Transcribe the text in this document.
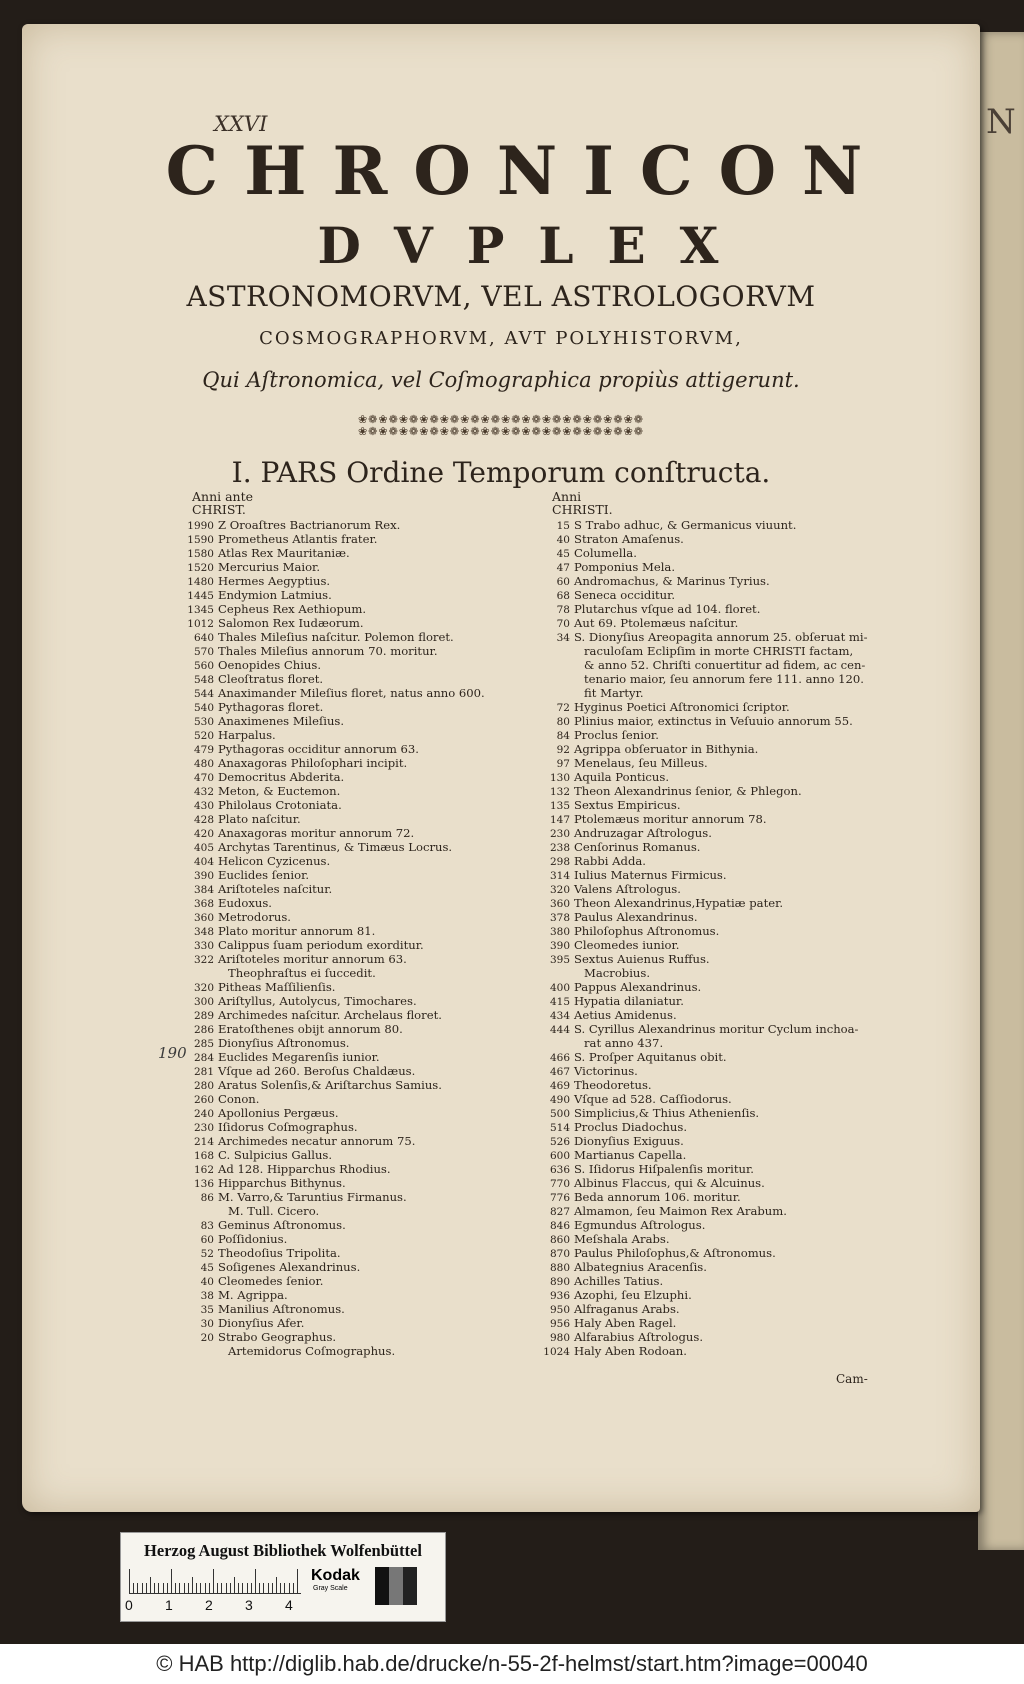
N
XXVI
CHRONICON
DVPLEX
ASTRONOMORVM, VEL ASTROLOGORVM
COSMOGRAPHORVM, AVT POLYHISTORVM,
Qui Aſtronomica, vel Coſmographica propiùs attigerunt.
❀❁❀❁❀❁❀❁❀❁❀❁❀❁❀❁❀❁❀❁❀❁❀❁❀❁❀❁
❀❁❀❁❀❁❀❁❀❁❀❁❀❁❀❁❀❁❀❁❀❁❀❁❀❁❀❁
I. PARS Ordine Temporum conſtructa.
Anni ante
CHRIST.
1990 Z Oroaſtres Bactrianorum Rex.
1590 Prometheus Atlantis frater.
1580 Atlas Rex Mauritaniæ.
1520 Mercurius Maior.
1480 Hermes Aegyptius.
1445 Endymion Latmius.
1345 Cepheus Rex Aethiopum.
1012 Salomon Rex Iudæorum.
640 Thales Mileſius naſcitur. Polemon floret.
570 Thales Mileſius annorum 70. moritur.
560 Oenopides Chius.
548 Cleoſtratus floret.
544 Anaximander Mileſius floret, natus anno 600.
540 Pythagoras floret.
530 Anaximenes Mileſius.
520 Harpalus.
479 Pythagoras occiditur annorum 63.
480 Anaxagoras Philoſophari incipit.
470 Democritus Abderita.
432 Meton, & Euctemon.
430 Philolaus Crotoniata.
428 Plato naſcitur.
420 Anaxagoras moritur annorum 72.
405 Archytas Tarentinus, & Timæus Locrus.
404 Helicon Cyzicenus.
390 Euclides ſenior.
384 Ariſtoteles naſcitur.
368 Eudoxus.
360 Metrodorus.
348 Plato moritur annorum 81.
330 Calippus ſuam periodum exorditur.
322 Ariſtoteles moritur annorum 63.
Theophraſtus ei ſuccedit.
320 Pitheas Maſſilienſis.
300 Ariſtyllus, Autolycus, Timochares.
289 Archimedes naſcitur. Archelaus floret.
286 Eratoſthenes obijt annorum 80.
285 Dionyſius Aſtronomus.
284 Euclides Megarenſis iunior.
281 Vſque ad 260. Beroſus Chaldæus.
280 Aratus Solenſis,& Ariſtarchus Samius.
260 Conon.
240 Apollonius Pergæus.
230 Iſidorus Coſmographus.
214 Archimedes necatur annorum 75.
168 C. Sulpicius Gallus.
162 Ad 128. Hipparchus Rhodius.
136 Hipparchus Bithynus.
86 M. Varro,& Taruntius Firmanus.
M. Tull. Cicero.
83 Geminus Aſtronomus.
60 Poſſidonius.
52 Theodoſius Tripolita.
45 Soſigenes Alexandrinus.
40 Cleomedes ſenior.
38 M. Agrippa.
35 Manilius Aſtronomus.
30 Dionyſius Afer.
20 Strabo Geographus.
Artemidorus Coſmographus.
Anni
CHRISTI.
15 S Trabo adhuc, & Germanicus viuunt.
40 Straton Amaſenus.
45 Columella.
47 Pomponius Mela.
60 Andromachus, & Marinus Tyrius.
68 Seneca occiditur.
78 Plutarchus vſque ad 104. floret.
70 Aut 69. Ptolemæus naſcitur.
34 S. Dionyſius Areopagita annorum 25. obſeruat mi-
raculoſam Eclipſim in morte CHRISTI factam,
& anno 52. Chriſti conuertitur ad fidem, ac cen-
tenario maior, ſeu annorum fere 111. anno 120.
fit Martyr.
72 Hyginus Poetici Aſtronomici ſcriptor.
80 Plinius maior, extinctus in Veſuuio annorum 55.
84 Proclus ſenior.
92 Agrippa obſeruator in Bithynia.
97 Menelaus, ſeu Milleus.
130 Aquila Ponticus.
132 Theon Alexandrinus ſenior, & Phlegon.
135 Sextus Empiricus.
147 Ptolemæus moritur annorum 78.
230 Andruzagar Aſtrologus.
238 Cenſorinus Romanus.
298 Rabbi Adda.
314 Iulius Maternus Firmicus.
320 Valens Aſtrologus.
360 Theon Alexandrinus,Hypatiæ pater.
378 Paulus Alexandrinus.
380 Philoſophus Aſtronomus.
390 Cleomedes iunior.
395 Sextus Auienus Ruffus.
Macrobius.
400 Pappus Alexandrinus.
415 Hypatia dilaniatur.
434 Aetius Amidenus.
444 S. Cyrillus Alexandrinus moritur Cyclum inchoa-
rat anno 437.
466 S. Proſper Aquitanus obit.
467 Victorinus.
469 Theodoretus.
490 Vſque ad 528. Caſſiodorus.
500 Simplicius,& Thius Athenienſis.
514 Proclus Diadochus.
526 Dionyſius Exiguus.
600 Martianus Capella.
636 S. Iſidorus Hiſpalenſis moritur.
770 Albinus Flaccus, qui & Alcuinus.
776 Beda annorum 106. moritur.
827 Almamon, ſeu Maimon Rex Arabum.
846 Egmundus Aſtrologus.
860 Meſshala Arabs.
870 Paulus Philoſophus,& Aſtronomus.
880 Albategnius Aracenſis.
890 Achilles Tatius.
936 Azophi, ſeu Elzuphi.
950 Alfraganus Arabs.
956 Haly Aben Ragel.
980 Alfarabius Aſtrologus.
1024 Haly Aben Rodoan.
190
Cam-
Herzog August Bibliothek Wolfenbüttel
0 1 2 3 4
Kodak
Gray Scale
© HAB http://diglib.hab.de/drucke/n-55-2f-helmst/start.htm?image=00040
